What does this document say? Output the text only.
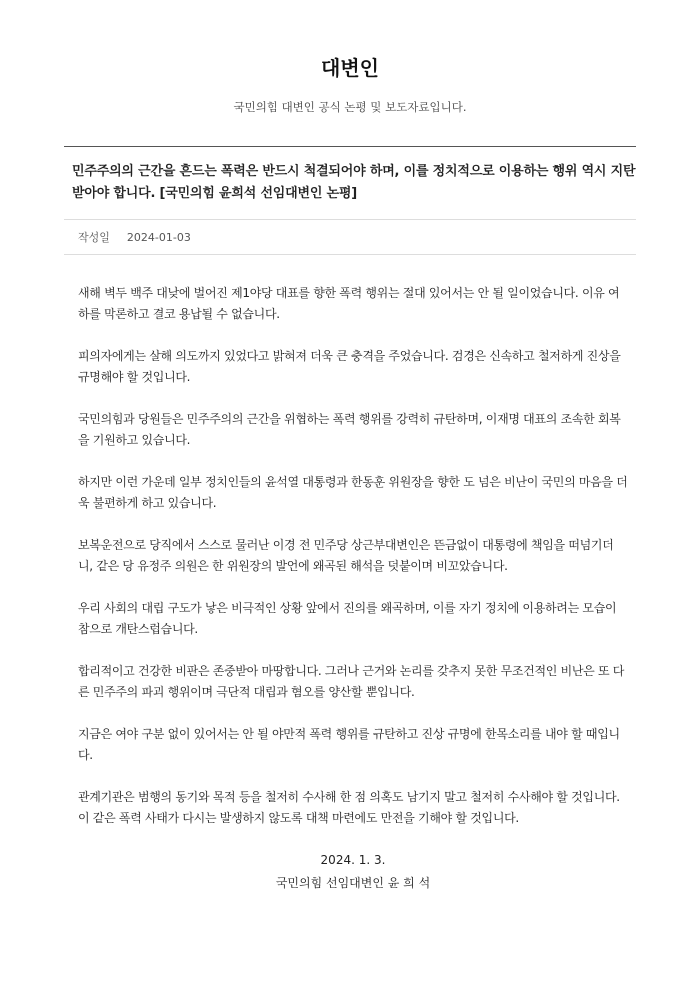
대변인
국민의힘 대변인 공식 논평 및 보도자료입니다.
민주주의의 근간을 흔드는 폭력은 반드시 척결되어야 하며, 이를 정치적으로 이용하는 행위 역시 지탄받아야 합니다. [국민의힘 윤희석 선임대변인 논평]
작성일 2024-01-03

새해 벽두 백주 대낮에 벌어진 제1야당 대표를 향한 폭력 행위는 절대 있어서는 안 될 일이었습니다. 이유 여하를 막론하고 결코 용납될 수 없습니다.

피의자에게는 살해 의도까지 있었다고 밝혀져 더욱 큰 충격을 주었습니다. 검경은 신속하고 철저하게 진상을 규명해야 할 것입니다.

국민의힘과 당원들은 민주주의의 근간을 위협하는 폭력 행위를 강력히 규탄하며, 이재명 대표의 조속한 회복을 기원하고 있습니다.

하지만 이런 가운데 일부 정치인들의 윤석열 대통령과 한동훈 위원장을 향한 도 넘은 비난이 국민의 마음을 더욱 불편하게 하고 있습니다.

보복운전으로 당직에서 스스로 물러난 이경 전 민주당 상근부대변인은 뜬금없이 대통령에 책임을 떠넘기더니, 같은 당 유정주 의원은 한 위원장의 발언에 왜곡된 해석을 덧붙이며 비꼬았습니다.

우리 사회의 대립 구도가 낳은 비극적인 상황 앞에서 진의를 왜곡하며, 이를 자기 정치에 이용하려는 모습이 참으로 개탄스럽습니다.

합리적이고 건강한 비판은 존중받아 마땅합니다. 그러나 근거와 논리를 갖추지 못한 무조건적인 비난은 또 다른 민주주의 파괴 행위이며 극단적 대립과 혐오를 양산할 뿐입니다.

지금은 여야 구분 없이 있어서는 안 될 야만적 폭력 행위를 규탄하고 진상 규명에 한목소리를 내야 할 때입니다.

관계기관은 범행의 동기와 목적 등을 철저히 수사해 한 점 의혹도 남기지 말고 철저히 수사해야 할 것입니다. 이 같은 폭력 사태가 다시는 발생하지 않도록 대책 마련에도 만전을 기해야 할 것입니다.

2024. 1. 3.
국민의힘 선임대변인 윤 희 석
